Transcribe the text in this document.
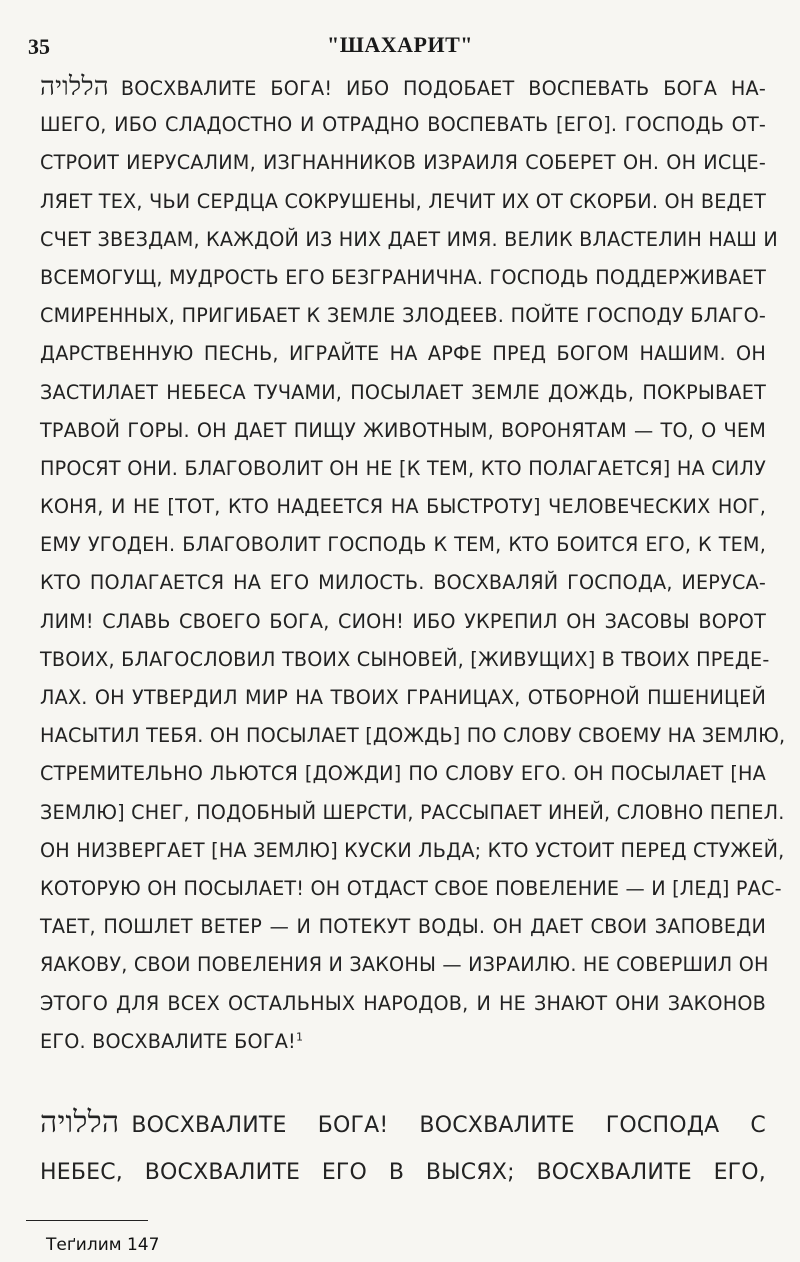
35	"ШАХАРИТ"
הללויה ВОСХВАЛИТЕ БОГА! ИБО ПОДОБАЕТ ВОСПЕВАТЬ БОГА НА-
ШЕГО, ИБО СЛАДОСТНО И ОТРАДНО ВОСПЕВАТЬ [ЕГО]. ГОСПОДЬ ОТ-
СТРОИТ ИЕРУСАЛИМ, ИЗГНАННИКОВ ИЗРАИЛЯ СОБЕРЕТ ОН. ОН ИСЦЕ-
ЛЯЕТ ТЕХ, ЧЬИ СЕРДЦА СОКРУШЕНЫ, ЛЕЧИТ ИХ ОТ СКОРБИ. ОН ВЕДЕТ
СЧЕТ ЗВЕЗДАМ, КАЖДОЙ ИЗ НИХ ДАЕТ ИМЯ. ВЕЛИК ВЛАСТЕЛИН НАШ И
ВСЕМОГУЩ, МУДРОСТЬ ЕГО БЕЗГРАНИЧНА. ГОСПОДЬ ПОДДЕРЖИВАЕТ
СМИРЕННЫХ, ПРИГИБАЕТ К ЗЕМЛЕ ЗЛОДЕЕВ. ПОЙТЕ ГОСПОДУ БЛАГО-
ДАРСТВЕННУЮ ПЕСНЬ, ИГРАЙТЕ НА АРФЕ ПРЕД БОГОМ НАШИМ. ОН
ЗАСТИЛАЕТ НЕБЕСА ТУЧАМИ, ПОСЫЛАЕТ ЗЕМЛЕ ДОЖДЬ, ПОКРЫВАЕТ
ТРАВОЙ ГОРЫ. ОН ДАЕТ ПИЩУ ЖИВОТНЫМ, ВОРОНЯТАМ — ТО, О ЧЕМ
ПРОСЯТ ОНИ. БЛАГОВОЛИТ ОН НЕ [К ТЕМ, КТО ПОЛАГАЕТСЯ] НА СИЛУ
КОНЯ, И НЕ [ТОТ, КТО НАДЕЕТСЯ НА БЫСТРОТУ] ЧЕЛОВЕЧЕСКИХ НОГ,
ЕМУ УГОДЕН. БЛАГОВОЛИТ ГОСПОДЬ К ТЕМ, КТО БОИТСЯ ЕГО, К ТЕМ,
КТО ПОЛАГАЕТСЯ НА ЕГО МИЛОСТЬ. ВОСХВАЛЯЙ ГОСПОДА, ИЕРУСА-
ЛИМ! СЛАВЬ СВОЕГО БОГА, СИОН! ИБО УКРЕПИЛ ОН ЗАСОВЫ ВОРОТ
ТВОИХ, БЛАГОСЛОВИЛ ТВОИХ СЫНОВЕЙ, [ЖИВУЩИХ] В ТВОИХ ПРЕДЕ-
ЛАХ. ОН УТВЕРДИЛ МИР НА ТВОИХ ГРАНИЦАХ, ОТБОРНОЙ ПШЕНИЦЕЙ
НАСЫТИЛ ТЕБЯ. ОН ПОСЫЛАЕТ [ДОЖДЬ] ПО СЛОВУ СВОЕМУ НА ЗЕМЛЮ,
СТРЕМИТЕЛЬНО ЛЬЮТСЯ [ДОЖДИ] ПО СЛОВУ ЕГО. ОН ПОСЫЛАЕТ [НА
ЗЕМЛЮ] СНЕГ, ПОДОБНЫЙ ШЕРСТИ, РАССЫПАЕТ ИНЕЙ, СЛОВНО ПЕПЕЛ.
ОН НИЗВЕРГАЕТ [НА ЗЕМЛЮ] КУСКИ ЛЬДА; КТО УСТОИТ ПЕРЕД СТУЖЕЙ,
КОТОРУЮ ОН ПОСЫЛАЕТ! ОН ОТДАСТ СВОЕ ПОВЕЛЕНИЕ — И [ЛЕД] РАС-
ТАЕТ, ПОШЛЕТ ВЕТЕР — И ПОТЕКУТ ВОДЫ. ОН ДАЕТ СВОИ ЗАПОВЕДИ
ЯАКОВУ, СВОИ ПОВЕЛЕНИЯ И ЗАКОНЫ — ИЗРАИЛЮ. НЕ СОВЕРШИЛ ОН
ЭТОГО ДЛЯ ВСЕХ ОСТАЛЬНЫХ НАРОДОВ, И НЕ ЗНАЮТ ОНИ ЗАКОНОВ
ЕГО. ВОСХВАЛИТЕ БОГА!$^1$
הללויה ВОСХВАЛИТЕ БОГА! ВОСХВАЛИТЕ ГОСПОДА С
НЕБЕС, ВОСХВАЛИТЕ ЕГО В ВЫСЯХ; ВОСХВАЛИТЕ ЕГО,
Теґилим 147
